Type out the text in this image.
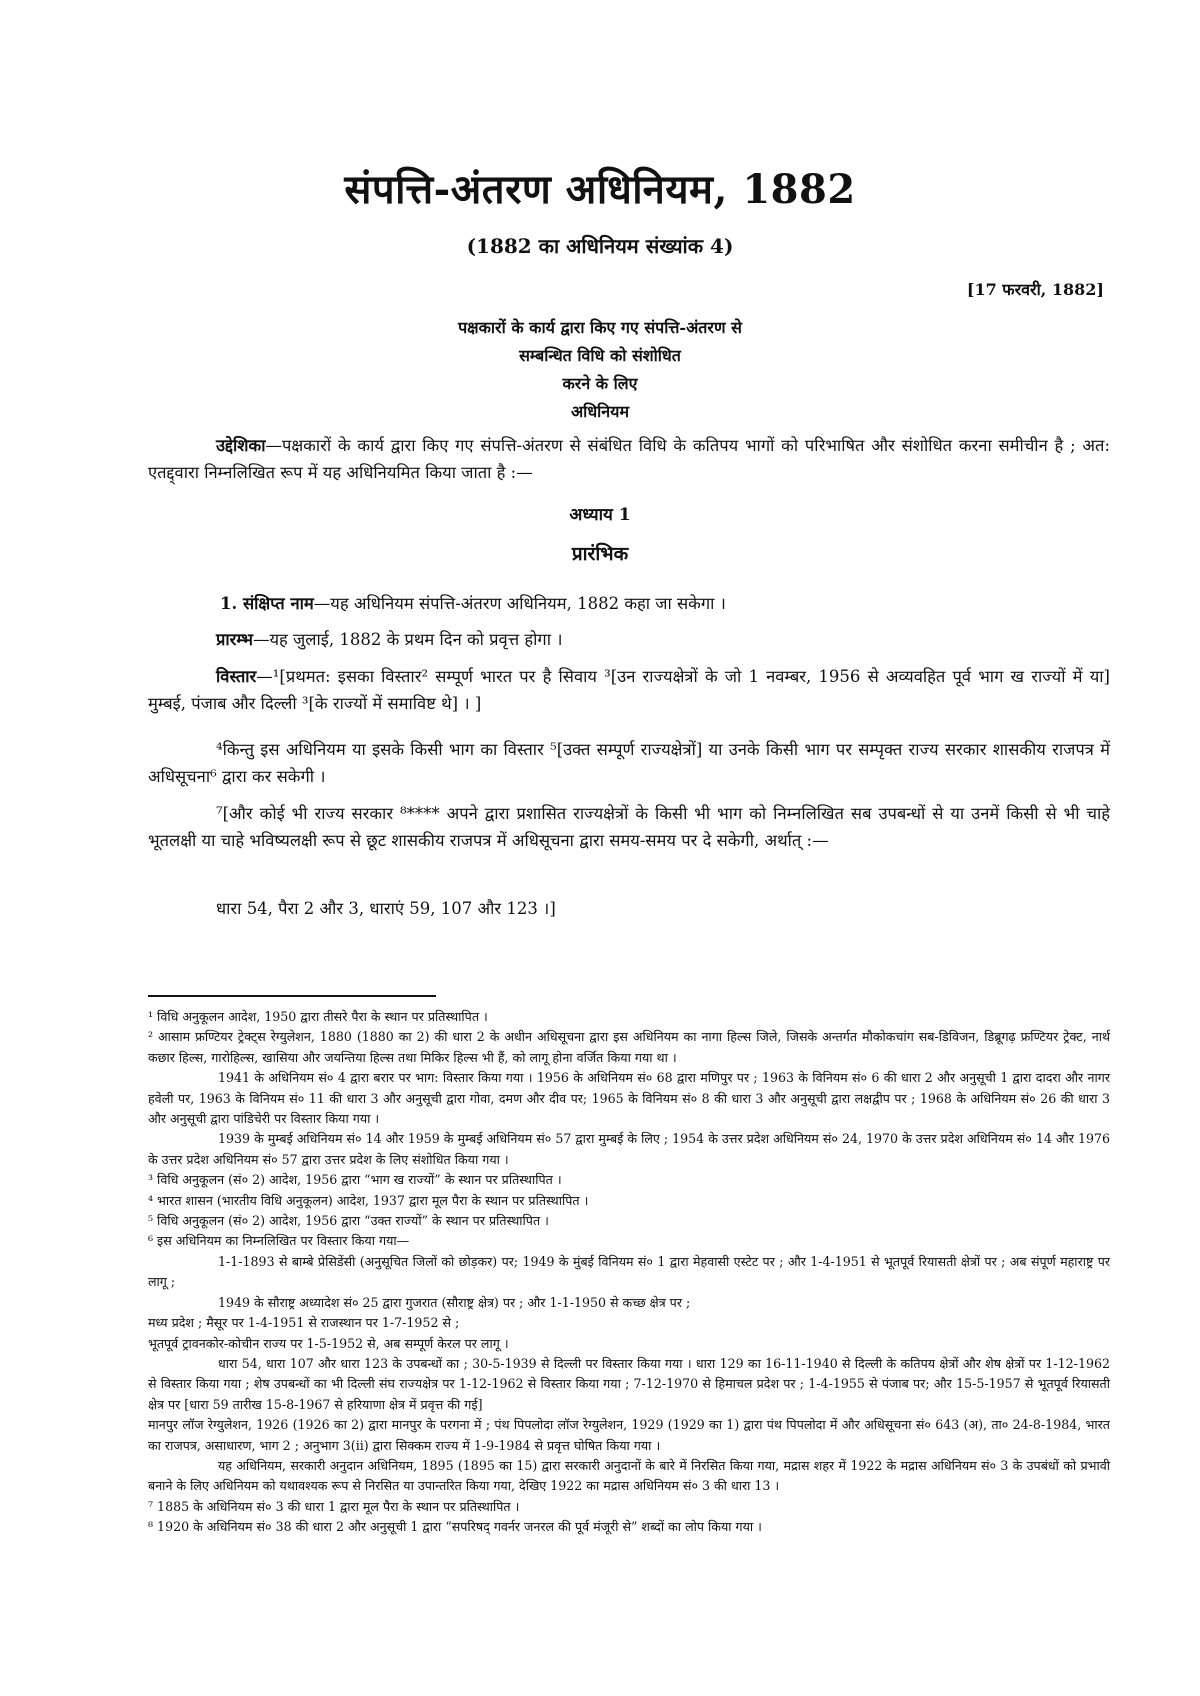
संपत्ति-अंतरण अधिनियम, 1882
(1882 का अधिनियम संख्यांक 4)
[17 फरवरी, 1882]
पक्षकारों के कार्य द्वारा किए गए संपत्ति-अंतरण से
सम्बन्धित विधि को संशोधित
करने के लिए
अधिनियम
उद्देशिका—पक्षकारों के कार्य द्वारा किए गए संपत्ति-अंतरण से संबंधित विधि के कतिपय भागों को परिभाषित और संशोधित करना समीचीन है ; अत: एतद्द्वारा निम्नलिखित रूप में यह अधिनियमित किया जाता है :—
अध्याय 1
प्रारंभिक
1. संक्षिप्त नाम—यह अधिनियम संपत्ति-अंतरण अधिनियम, 1882 कहा जा सकेगा ।
प्रारम्भ—यह जुलाई, 1882 के प्रथम दिन को प्रवृत्त होगा ।
विस्तार—¹[प्रथमत: इसका विस्तार² सम्पूर्ण भारत पर है सिवाय ³[उन राज्यक्षेत्रों के जो 1 नवम्बर, 1956 से अव्यवहित पूर्व भाग ख राज्यों में या] मुम्बई, पंजाब और दिल्ली ³[के राज्यों में समाविष्ट थे] । ]
⁴किन्तु इस अधिनियम या इसके किसी भाग का विस्तार ⁵[उक्त सम्पूर्ण राज्यक्षेत्रों] या उनके किसी भाग पर सम्पृक्त राज्य सरकार शासकीय राजपत्र में अधिसूचना⁶ द्वारा कर सकेगी ।
⁷[और कोई भी राज्य सरकार ⁸**** अपने द्वारा प्रशासित राज्यक्षेत्रों के किसी भी भाग को निम्नलिखित सब उपबन्धों से या उनमें किसी से भी चाहे भूतलक्षी या चाहे भविष्यलक्षी रूप से छूट शासकीय राजपत्र में अधिसूचना द्वारा समय-समय पर दे सकेगी, अर्थात् :—
धारा 54, पैरा 2 और 3, धाराएं 59, 107 और 123 ।]

¹ विधि अनुकूलन आदेश, 1950 द्वारा तीसरे पैरा के स्थान पर प्रतिस्थापित ।

² आसाम फ्रण्टियर ट्रेक्ट्स रेग्युलेशन, 1880 (1880 का 2) की धारा 2 के अधीन अधिसूचना द्वारा इस अधिनियम का नागा हिल्स जिले, जिसके अन्तर्गत मौकोकचांग सब-डिविजन, डिब्रूगढ़ फ्रण्टियर ट्रेक्ट, नार्थ कछार हिल्स, गारोहिल्स, खासिया और जयन्तिया हिल्स तथा मिकिर हिल्स भी हैं, को लागू होना वर्जित किया गया था ।

1941 के अधिनियम सं० 4 द्वारा बरार पर भाग: विस्तार किया गया । 1956 के अधिनियम सं० 68 द्वारा मणिपुर पर ; 1963 के विनियम सं० 6 की धारा 2 और अनुसूची 1 द्वारा दादरा और नागर हवेली पर, 1963 के विनियम सं० 11 की धारा 3 और अनुसूची द्वारा गोवा, दमण और दीव पर; 1965 के विनियम सं० 8 की धारा 3 और अनुसूची द्वारा लक्षद्वीप पर ; 1968 के अधिनियम सं० 26 की धारा 3 और अनुसूची द्वारा पांडिचेरी पर विस्तार किया गया ।

1939 के मुम्बई अधिनियम सं० 14 और 1959 के मुम्बई अधिनियम सं० 57 द्वारा मुम्बई के लिए ; 1954 के उत्तर प्रदेश अधिनियम सं० 24, 1970 के उत्तर प्रदेश अधिनियम सं० 14 और 1976 के उत्तर प्रदेश अधिनियम सं० 57 द्वारा उत्तर प्रदेश के लिए संशोधित किया गया ।

³ विधि अनुकूलन (सं० 2) आदेश, 1956 द्वारा “भाग ख राज्यों” के स्थान पर प्रतिस्थापित ।

⁴ भारत शासन (भारतीय विधि अनुकूलन) आदेश, 1937 द्वारा मूल पैरा के स्थान पर प्रतिस्थापित ।

⁵ विधि अनुकूलन (सं० 2) आदेश, 1956 द्वारा “उक्त राज्यों” के स्थान पर प्रतिस्थापित ।

⁶ इस अधिनियम का निम्नलिखित पर विस्तार किया गया—

1-1-1893 से बाम्बे प्रेसिडेंसी (अनुसूचित जिलों को छोड़कर) पर; 1949 के मुंबई विनियम सं० 1 द्वारा मेहवासी एस्टेट पर ; और 1-4-1951 से भूतपूर्व रियासती क्षेत्रों पर ; अब संपूर्ण महाराष्ट्र पर लागू ;

1949 के सौराष्ट्र अध्यादेश सं० 25 द्वारा गुजरात (सौराष्ट्र क्षेत्र) पर ; और 1-1-1950 से कच्छ क्षेत्र पर ;

मध्य प्रदेश ; मैसूर पर 1-4-1951 से राजस्थान पर 1-7-1952 से ;

भूतपूर्व ट्रावनकोर-कोचीन राज्य पर 1-5-1952 से, अब सम्पूर्ण केरल पर लागू ।

धारा 54, धारा 107 और धारा 123 के उपबन्धों का ; 30-5-1939 से दिल्ली पर विस्तार किया गया । धारा 129 का 16-11-1940 से दिल्ली के कतिपय क्षेत्रों और शेष क्षेत्रों पर 1-12-1962 से विस्तार किया गया ; शेष उपबन्धों का भी दिल्ली संघ राज्यक्षेत्र पर 1-12-1962 से विस्तार किया गया ; 7-12-1970 से हिमाचल प्रदेश पर ; 1-4-1955 से पंजाब पर; और 15-5-1957 से भूतपूर्व रियासती क्षेत्र पर [धारा 59 तारीख 15-8-1967 से हरियाणा क्षेत्र में प्रवृत्त की गई]

मानपुर लॉज रेग्युलेशन, 1926 (1926 का 2) द्वारा मानपुर के परगना में ; पंथ पिपलोदा लॉज रेग्युलेशन, 1929 (1929 का 1) द्वारा पंथ पिपलोदा में और अधिसूचना सं० 643 (अ), ता० 24-8-1984, भारत का राजपत्र, असाधारण, भाग 2 ; अनुभाग 3(ii) द्वारा सिक्कम राज्य में 1-9-1984 से प्रवृत्त घोषित किया गया ।

यह अधिनियम, सरकारी अनुदान अधिनियम, 1895 (1895 का 15) द्वारा सरकारी अनुदानों के बारे में निरसित किया गया, मद्रास शहर में 1922 के मद्रास अधिनियम सं० 3 के उपबंधों को प्रभावी बनाने के लिए अधिनियम को यथावश्यक रूप से निरसित या उपान्तरित किया गया, देखिए 1922 का मद्रास अधिनियम सं० 3 की धारा 13 ।

⁷ 1885 के अधिनियम सं० 3 की धारा 1 द्वारा मूल पैरा के स्थान पर प्रतिस्थापित ।

⁸ 1920 के अधिनियम सं० 38 की धारा 2 और अनुसूची 1 द्वारा “सपरिषद् गवर्नर जनरल की पूर्व मंजूरी से” शब्दों का लोप किया गया ।
